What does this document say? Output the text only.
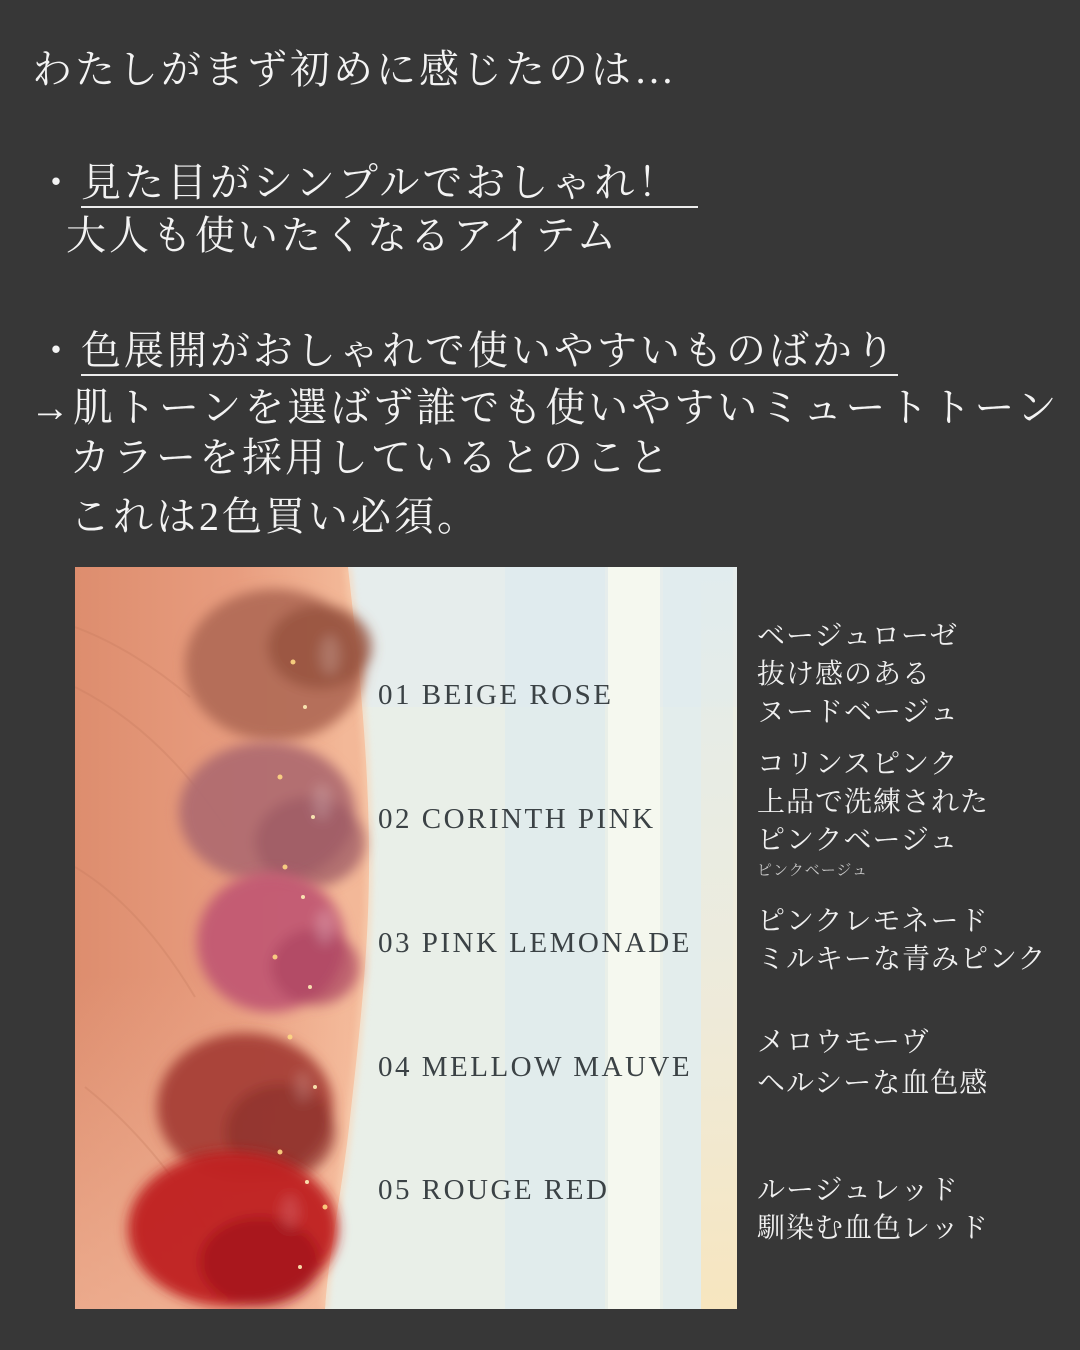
わたしがまず初めに感じたのは…
・見た目がシンプルでおしゃれ！
大人も使いたくなるアイテム
・色展開がおしゃれで使いやすいものばかり
→肌トーンを選ばず誰でも使いやすいミュートトーン
カラーを採用しているとのこと
これは2色買い必須。
01 BEIGE ROSE
02 CORINTH PINK
03 PINK LEMONADE
04 MELLOW MAUVE
05 ROUGE RED
ベージュローゼ
抜け感のある
ヌードベージュ
コリンスピンク
上品で洗練された
ピンクベージュ
ピンクベージュ
ピンクレモネード
ミルキーな青みピンク
メロウモーヴ
ヘルシーな血色感
ルージュレッド
馴染む血色レッド
